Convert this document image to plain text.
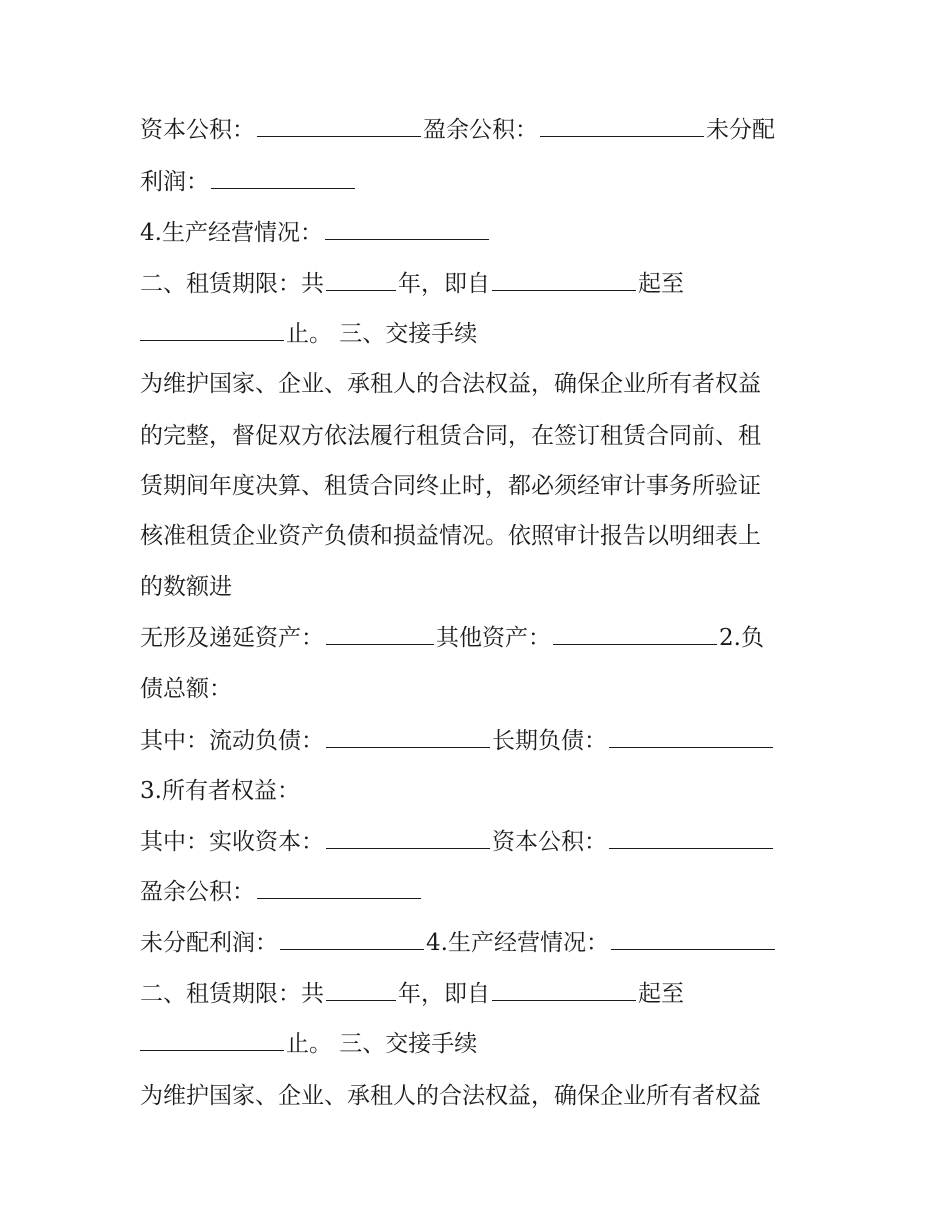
资本公积：	盈余公积：	未分配
利润：
4.生产经营情况：
二、租赁期限：共	年，即自	起至
止。 三、交接手续
为维护国家、企业、承租人的合法权益，确保企业所有者权益
的完整，督促双方依法履行租赁合同，在签订租赁合同前、租
赁期间年度决算、租赁合同终止时，都必须经审计事务所验证
核准租赁企业资产负债和损益情况。依照审计报告以明细表上
的数额进
无形及递延资产：	其他资产：	2.负
债总额：
其中：流动负债：	长期负债：
3.所有者权益：
其中：实收资本：	资本公积：
盈余公积：
未分配利润：	4.生产经营情况：
二、租赁期限：共	年，即自	起至
止。 三、交接手续
为维护国家、企业、承租人的合法权益，确保企业所有者权益
